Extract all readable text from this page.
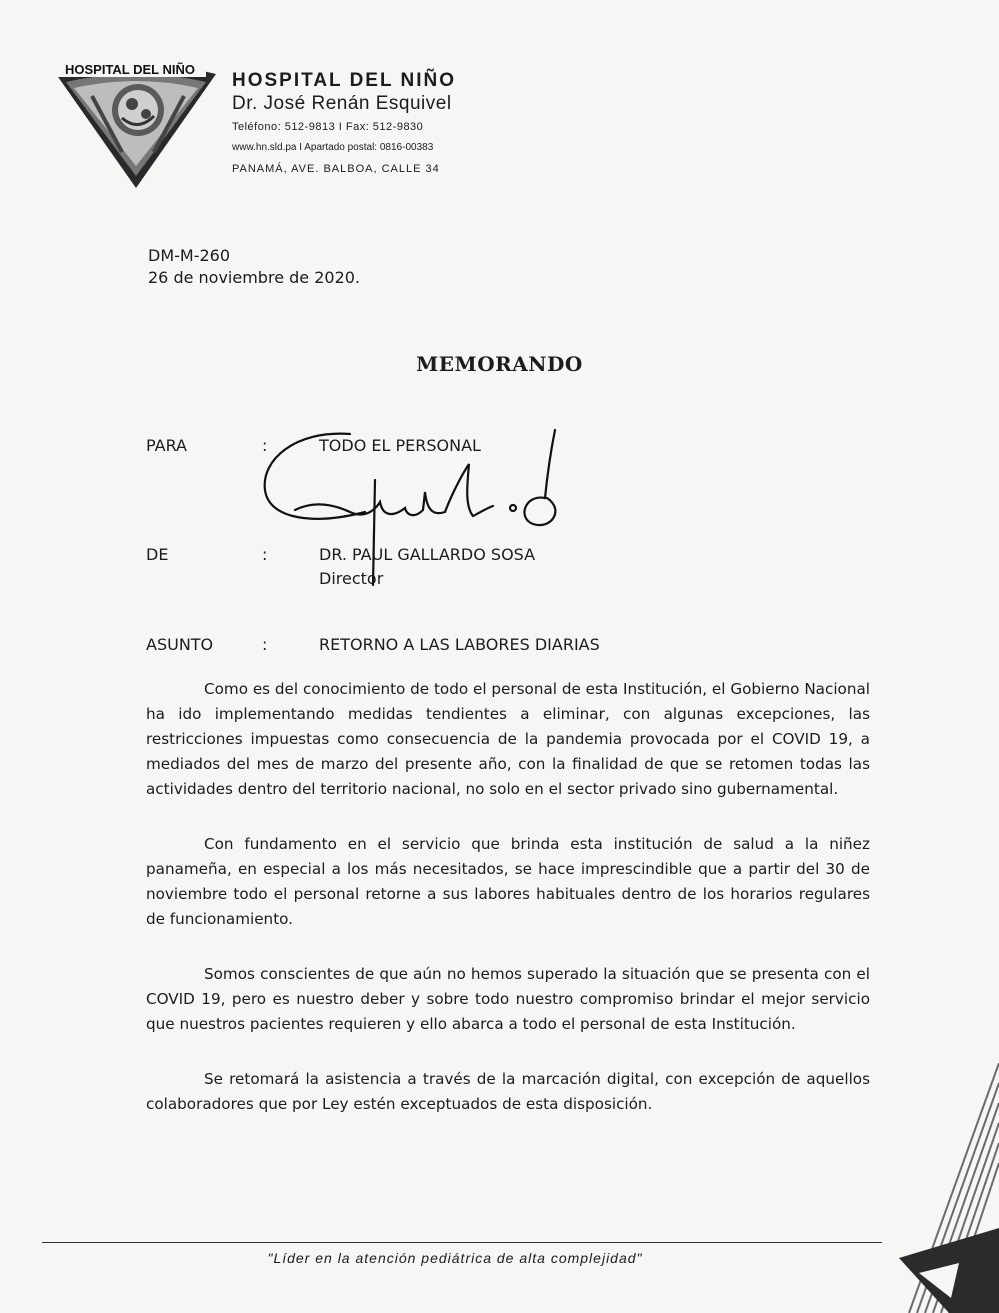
HOSPITAL DEL NIÑO
HOSPITAL DEL NIÑO
Dr. José Renán Esquivel
Teléfono: 512-9813 I Fax: 512-9830
www.hn.sld.pa I Apartado postal: 0816-00383
PANAMÁ, AVE. BALBOA, CALLE 34
DM-M-260
26 de noviembre de 2020.
MEMORANDO
PARA	:	TODO EL PERSONAL
DE	:	DR. PAUL GALLARDO SOSA
Director
ASUNTO	:	RETORNO A LAS LABORES DIARIAS

Como es del conocimiento de todo el personal de esta Institución, el Gobierno Nacional ha ido implementando medidas tendientes a eliminar, con algunas excepciones, las restricciones impuestas como consecuencia de la pandemia provocada por el COVID 19, a mediados del mes de marzo del presente año, con la finalidad de que se retomen todas las actividades dentro del territorio nacional, no solo en el sector privado sino gubernamental.

Con fundamento en el servicio que brinda esta institución de salud a la niñez panameña, en especial a los más necesitados, se hace imprescindible que a partir del 30 de noviembre todo el personal retorne a sus labores habituales dentro de los horarios regulares de funcionamiento.

Somos conscientes de que aún no hemos superado la situación que se presenta con el COVID 19, pero es nuestro deber y sobre todo nuestro compromiso brindar el mejor servicio que nuestros pacientes requieren y ello abarca a todo el personal de esta Institución.

Se retomará la asistencia a través de la marcación digital, con excepción de aquellos colaboradores que por Ley estén exceptuados de esta disposición.

"Líder en la atención pediátrica de alta complejidad"
